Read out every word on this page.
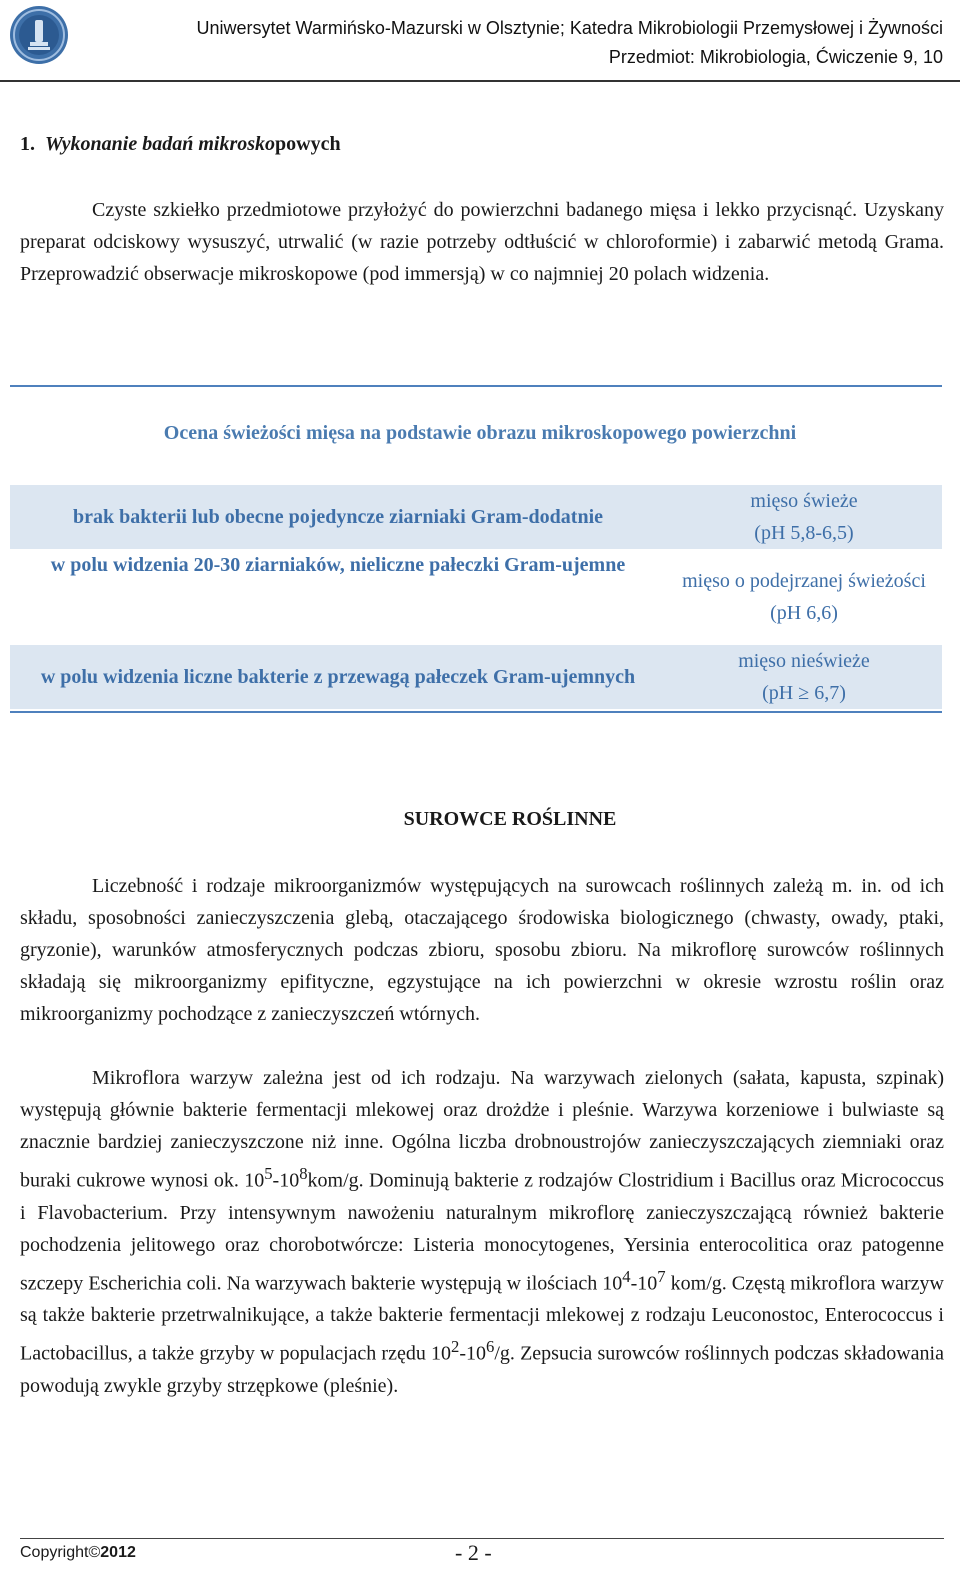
Uniwersytet Warmińsko-Mazurski w Olsztynie; Katedra Mikrobiologii Przemysłowej i Żywności
Przedmiot: Mikrobiologia, Ćwiczenie 9, 10
1. Wykonanie badań mikroskopowych

Czyste szkiełko przedmiotowe przyłożyć do powierzchni badanego mięsa i lekko przycisnąć. Uzyskany preparat odciskowy wysuszyć, utrwalić (w razie potrzeby odtłuścić w chloroformie) i zabarwić metodą Grama. Przeprowadzić obserwacje mikroskopowe (pod immersją) w co najmniej 20 polach widzenia.

Ocena świeżości mięsa na podstawie obrazu mikroskopowego powierzchni
brak bakterii lub obecne pojedyncze ziarniaki Gram-dodatnie	mięso świeże
(pH 5,8-6,5)
w polu widzenia 20-30 ziarniaków, nieliczne pałeczki Gram-ujemne	mięso o podejrzanej świeżości
(pH 6,6)
w polu widzenia liczne bakterie z przewagą pałeczek Gram-ujemnych	mięso nieświeże
(pH ≥ 6,7)
SUROWCE ROŚLINNE

Liczebność i rodzaje mikroorganizmów występujących na surowcach roślinnych zależą m. in. od ich składu, sposobności zanieczyszczenia glebą, otaczającego środowiska biologicznego (chwasty, owady, ptaki, gryzonie), warunków atmosferycznych podczas zbioru, sposobu zbioru. Na mikroflorę surowców roślinnych składają się mikroorganizmy epifityczne, egzystujące na ich powierzchni w okresie wzrostu roślin oraz mikroorganizmy pochodzące z zanieczyszczeń wtórnych.

Mikroflora warzyw zależna jest od ich rodzaju. Na warzywach zielonych (sałata, kapusta, szpinak) występują głównie bakterie fermentacji mlekowej oraz drożdże i pleśnie. Warzywa korzeniowe i bulwiaste są znacznie bardziej zanieczyszczone niż inne. Ogólna liczba drobnoustrojów zanieczyszczających ziemniaki oraz buraki cukrowe wynosi ok. $10^5-10^8kom/g$. Dominują bakterie z rodzajów Clostridium i Bacillus oraz Micrococcus i Flavobacterium. Przy intensywnym nawożeniu naturalnym mikroflorę zanieczyszczającą również bakterie pochodzenia jelitowego oraz chorobotwórcze: Listeria monocytogenes, Yersinia enterocolitica oraz patogenne szczepy Escherichia coli. Na warzywach bakterie występują w ilościach $10^4-10^7$ kom/g. Częstą mikroflora warzyw są także bakterie przetrwalnikujące, a także bakterie fermentacji mlekowej z rodzaju Leuconostoc, Enterococcus i Lactobacillus, a także grzyby w populacjach rzędu $10^2-10^6/g$. Zepsucia surowców roślinnych podczas składowania powodują zwykle grzyby strzępkowe (pleśnie).

Copyright©2012	- 2 -
